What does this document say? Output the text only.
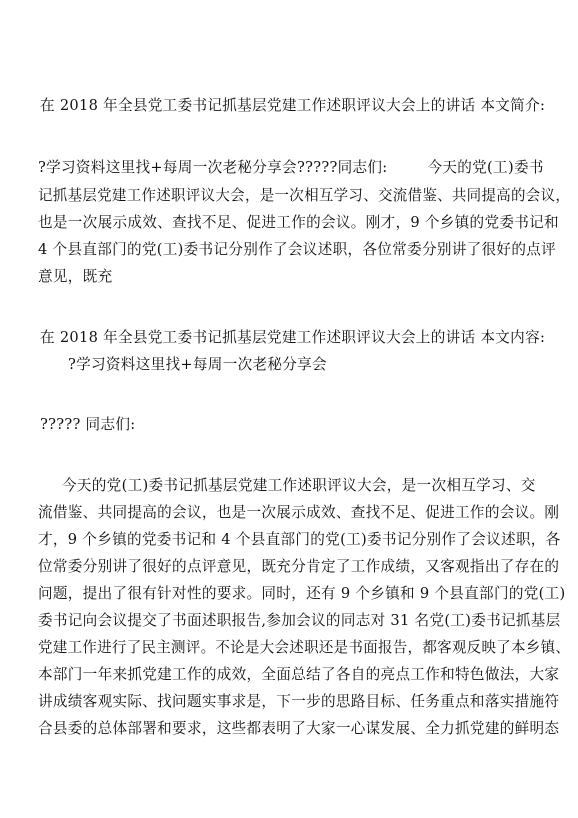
在 2018 年全县党工委书记抓基层党建工作述职评议大会上的讲话 本文简介:
?学习资料这里找+每周一次老秘分享会?????同志们:	今天的党(工)委书
记抓基层党建工作述职评议大会，是一次相互学习、交流借鉴、共同提高的会议，
也是一次展示成效、查找不足、促进工作的会议。刚才，9 个乡镇的党委书记和
4 个县直部门的党(工)委书记分别作了会议述职，各位常委分别讲了很好的点评
意见，既充
在 2018 年全县党工委书记抓基层党建工作述职评议大会上的讲话 本文内容:
?学习资料这里找+每周一次老秘分享会
????? 同志们:
今天的党(工)委书记抓基层党建工作述职评议大会，是一次相互学习、交
流借鉴、共同提高的会议，也是一次展示成效、查找不足、促进工作的会议。刚
才，9 个乡镇的党委书记和 4 个县直部门的党(工)委书记分别作了会议述职，各
位常委分别讲了很好的点评意见，既充分肯定了工作成绩，又客观指出了存在的
问题，提出了很有针对性的要求。同时，还有 9 个乡镇和 9 个县直部门的党(工)
委书记向会议提交了书面述职报告,参加会议的同志对 31 名党(工)委书记抓基层
党建工作进行了民主测评。不论是大会述职还是书面报告，都客观反映了本乡镇、
本部门一年来抓党建工作的成效，全面总结了各自的亮点工作和特色做法，大家
讲成绩客观实际、找问题实事求是，下一步的思路目标、任务重点和落实措施符
合县委的总体部署和要求，这些都表明了大家一心谋发展、全力抓党建的鲜明态
